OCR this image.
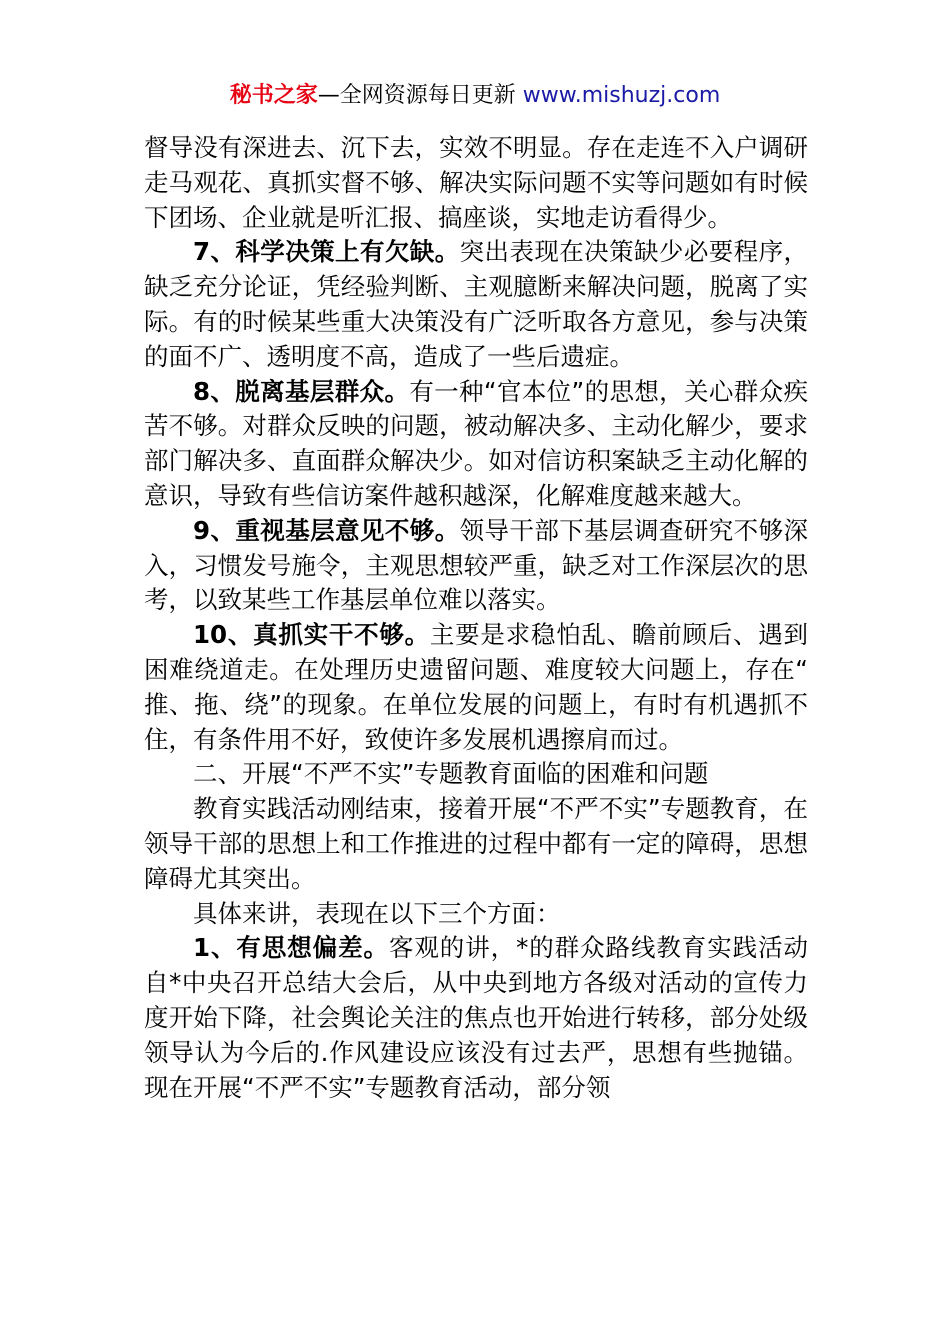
秘书之家—全网资源每日更新 www.mishuzj.com

督导没有深进去、沉下去，实效不明显。存在走连不入户调研走马观花、真抓实督不够、解决实际问题不实等问题如有时候下团场、企业就是听汇报、搞座谈，实地走访看得少。

7、科学决策上有欠缺。突出表现在决策缺少必要程序，缺乏充分论证，凭经验判断、主观臆断来解决问题，脱离了实际。有的时候某些重大决策没有广泛听取各方意见，参与决策的面不广、透明度不高，造成了一些后遗症。

8、脱离基层群众。有一种“官本位”的思想，关心群众疾苦不够。对群众反映的问题，被动解决多、主动化解少，要求部门解决多、直面群众解决少。如对信访积案缺乏主动化解的意识，导致有些信访案件越积越深，化解难度越来越大。

9、重视基层意见不够。领导干部下基层调查研究不够深入，习惯发号施令，主观思想较严重，缺乏对工作深层次的思考，以致某些工作基层单位难以落实。

10、真抓实干不够。主要是求稳怕乱、瞻前顾后、遇到困难绕道走。在处理历史遗留问题、难度较大问题上，存在“推、拖、绕”的现象。在单位发展的问题上，有时有机遇抓不住，有条件用不好，致使许多发展机遇擦肩而过。

二、开展“不严不实”专题教育面临的困难和问题

教育实践活动刚结束，接着开展“不严不实”专题教育，在领导干部的思想上和工作推进的过程中都有一定的障碍，思想障碍尤其突出。

具体来讲，表现在以下三个方面：

1、有思想偏差。客观的讲，*的群众路线教育实践活动自*中央召开总结大会后，从中央到地方各级对活动的宣传力度开始下降，社会舆论关注的焦点也开始进行转移，部分处级领导认为今后的.作风建设应该没有过去严，思想有些抛锚。现在开展“不严不实”专题教育活动，部分领
